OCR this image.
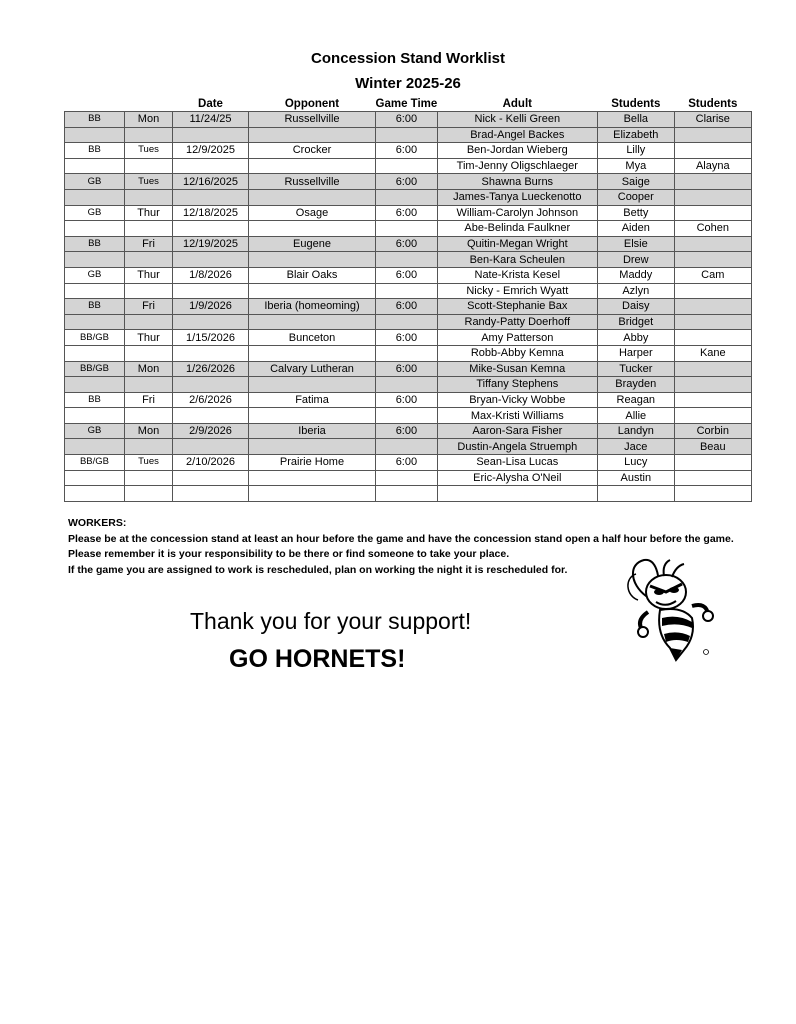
Concession Stand Worklist
Winter 2025-26
		Date	Opponent	Game Time	Adult	Students	Students
BB	Mon	11/24/25	Russellville	6:00	Nick - Kelli Green	Bella	Clarise
					Brad-Angel Backes	Elizabeth	
BB	Tues	12/9/2025	Crocker	6:00	Ben-Jordan Wieberg	Lilly	
					Tim-Jenny Oligschlaeger	Mya	Alayna
GB	Tues	12/16/2025	Russellville	6:00	Shawna Burns	Saige	
					James-Tanya Lueckenotto	Cooper	
GB	Thur	12/18/2025	Osage	6:00	William-Carolyn Johnson	Betty	
					Abe-Belinda Faulkner	Aiden	Cohen
BB	Fri	12/19/2025	Eugene	6:00	Quitin-Megan Wright	Elsie	
					Ben-Kara Scheulen	Drew	
GB	Thur	1/8/2026	Blair Oaks	6:00	Nate-Krista Kesel	Maddy	Cam
					Nicky - Emrich Wyatt	Azlyn	
BB	Fri	1/9/2026	Iberia (homeoming)	6:00	Scott-Stephanie Bax	Daisy	
					Randy-Patty Doerhoff	Bridget	
BB/GB	Thur	1/15/2026	Bunceton	6:00	Amy Patterson	Abby	
					Robb-Abby Kemna	Harper	Kane
BB/GB	Mon	1/26/2026	Calvary Lutheran	6:00	Mike-Susan Kemna	Tucker	
					Tiffany Stephens	Brayden	
BB	Fri	2/6/2026	Fatima	6:00	Bryan-Vicky Wobbe	Reagan	
					Max-Kristi Williams	Allie	
GB	Mon	2/9/2026	Iberia	6:00	Aaron-Sara Fisher	Landyn	Corbin
					Dustin-Angela Struemph	Jace	Beau
BB/GB	Tues	2/10/2026	Prairie Home	6:00	Sean-Lisa Lucas	Lucy	
					Eric-Alysha O'Neil	Austin	

WORKERS:

Please be at the concession stand at least an hour before the game and have the concession stand open a half hour before the game.

Please remember it is your responsibility to be there or find someone to take your place.

If the game you are assigned to work is rescheduled, plan on working the night it is rescheduled for.

Thank you for your support!
GO HORNETS!
